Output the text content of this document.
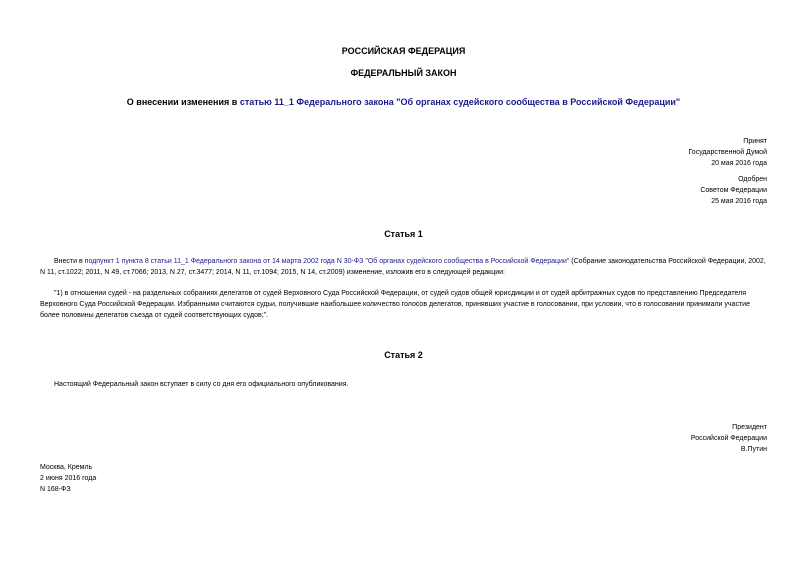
РОССИЙСКАЯ ФЕДЕРАЦИЯ
ФЕДЕРАЛЬНЫЙ ЗАКОН
О внесении изменения в статью 11_1 Федерального закона "Об органах судейского сообщества в Российской Федерации"
Принят
Государственной Думой
20 мая 2016 года
Одобрен
Советом Федерации
25 мая 2016 года
Статья 1
Внести в подпункт 1 пункта 8 статьи 11_1 Федерального закона от 14 марта 2002 года N 30-ФЗ "Об органах судейского сообщества в Российской Федерации" (Собрание законодательства Российской Федерации, 2002, N 11, ст.1022; 2011, N 49, ст.7066; 2013, N 27, ст.3477; 2014, N 11, ст.1094; 2015, N 14, ст.2009) изменение, изложив его в следующей редакции:
"1) в отношении судей - на раздельных собраниях делегатов от судей Верховного Суда Российской Федерации, от судей судов общей юрисдикции и от судей арбитражных судов по представлению Председателя Верховного Суда Российской Федерации. Избранными считаются судьи, получившие наибольшее количество голосов делегатов, принявших участие в голосовании, при условии, что в голосовании принимали участие более половины делегатов съезда от судей соответствующих судов;".
Статья 2
Настоящий Федеральный закон вступает в силу со дня его официального опубликования.
Президент
Российской Федерации
В.Путин
Москва, Кремль
2 июня 2016 года
N 168-ФЗ
